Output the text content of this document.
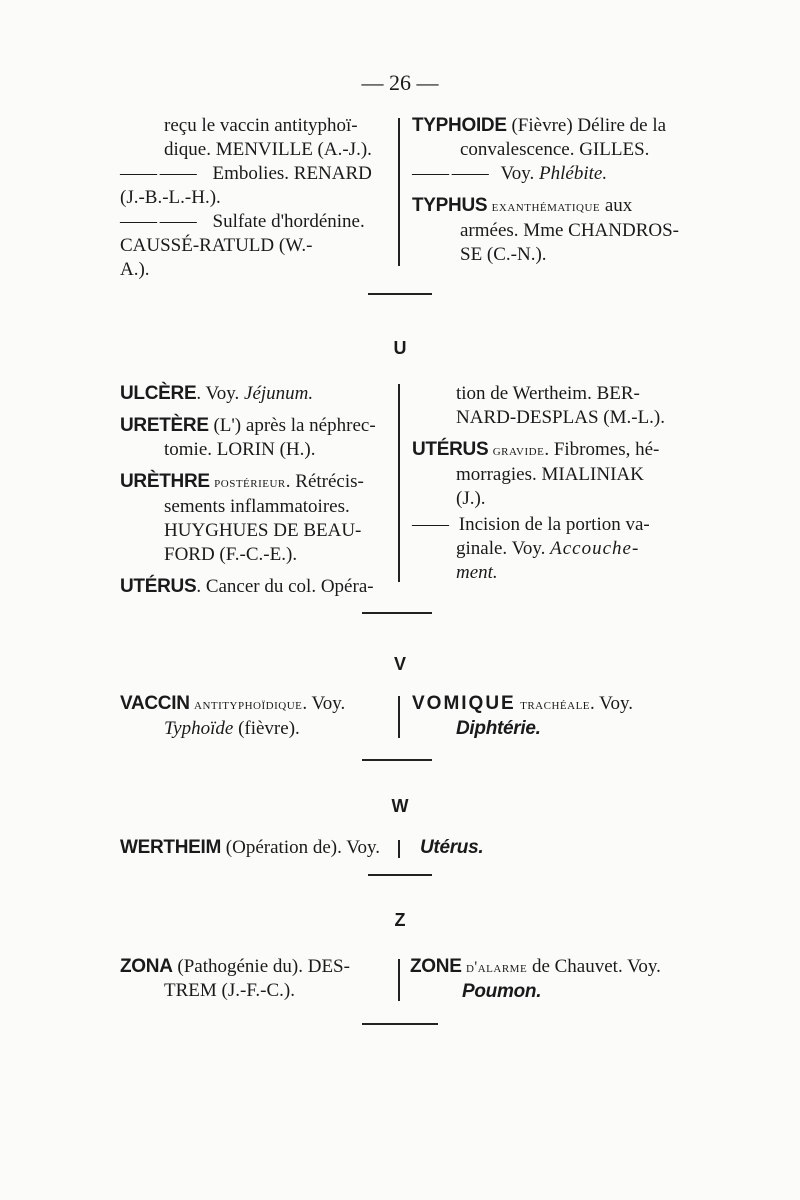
— 26 —

reçu le vaccin antityphoï-

dique. MENVILLE (A.-J.).

—— —— Embolies. RENARD

(J.-B.-L.-H.).

—— —— Sulfate d'hordénine.

CAUSSÉ-RATULD (W.-

A.).

TYPHOIDE (Fièvre) Délire de la

convalescence. GILLES.

—— —— Voy. Phlébite.

TYPHUS exanthématique aux

armées. Mme CHANDROS-

SE (C.-N.).

U

ULCÈRE. Voy. Jéjunum.

URETÈRE (L') après la néphrec-

tomie. LORIN (H.).

URÈTHRE postérieur. Rétrécis-

sements inflammatoires.

HUYGHUES DE BEAU-

FORD (F.-C.-E.).

UTÉRUS. Cancer du col. Opéra-

tion de Wertheim. BER-

NARD-DESPLAS (M.-L.).

UTÉRUS gravide. Fibromes, hé-

morragies. MIALINIAK

(J.).

—— Incision de la portion va-

ginale. Voy. Accouche-

ment.

V

VACCIN antityphoïdique. Voy.

Typhoïde (fièvre).

VOMIQUE trachéale. Voy.

Diphtérie.

W

WERTHEIM (Opération de). Voy.	Utérus.

Z

ZONA (Pathogénie du). DES-

TREM (J.-F.-C.).

ZONE d'alarme de Chauvet. Voy.

Poumon.
